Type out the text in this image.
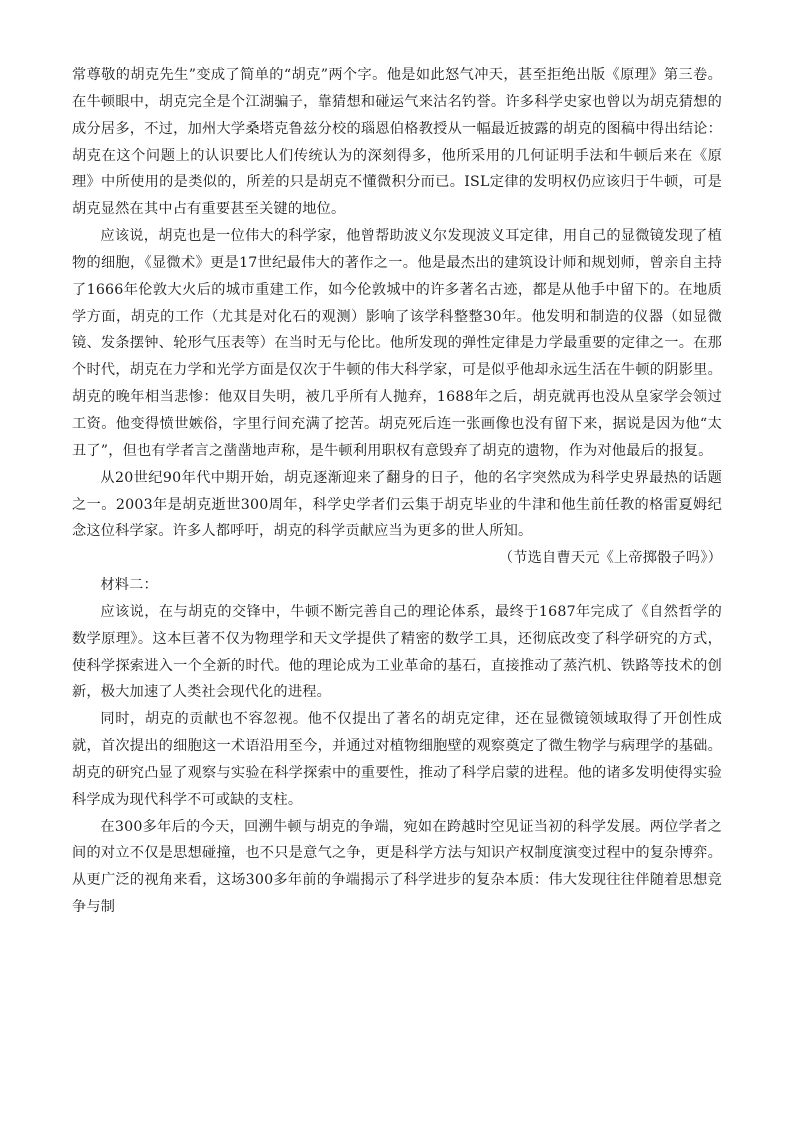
常尊敬的胡克先生”变成了简单的“胡克”两个字。他是如此怒气冲天，甚至拒绝出版《原理》第三卷。在牛顿眼中，胡克完全是个江湖骗子，靠猜想和碰运气来沽名钓誉。许多科学史家也曾以为胡克猜想的成分居多，不过，加州大学桑塔克鲁兹分校的瑙恩伯格教授从一幅最近披露的胡克的图稿中得出结论：胡克在这个问题上的认识要比人们传统认为的深刻得多，他所采用的几何证明手法和牛顿后来在《原理》中所使用的是类似的，所差的只是胡克不懂微积分而已。ISL定律的发明权仍应该归于牛顿，可是胡克显然在其中占有重要甚至关键的地位。

应该说，胡克也是一位伟大的科学家，他曾帮助波义尔发现波义耳定律，用自己的显微镜发现了植物的细胞，《显微术》更是17世纪最伟大的著作之一。他是最杰出的建筑设计师和规划师，曾亲自主持了1666年伦敦大火后的城市重建工作，如今伦敦城中的许多著名古迹，都是从他手中留下的。在地质学方面，胡克的工作（尤其是对化石的观测）影响了该学科整整30年。他发明和制造的仪器（如显微镜、发条摆钟、轮形气压表等）在当时无与伦比。他所发现的弹性定律是力学最重要的定律之一。在那个时代，胡克在力学和光学方面是仅次于牛顿的伟大科学家，可是似乎他却永远生活在牛顿的阴影里。胡克的晚年相当悲惨：他双目失明，被几乎所有人抛弃，1688年之后，胡克就再也没从皇家学会领过工资。他变得愤世嫉俗，字里行间充满了挖苦。胡克死后连一张画像也没有留下来，据说是因为他“太丑了”，但也有学者言之凿凿地声称，是牛顿利用职权有意毁弃了胡克的遗物，作为对他最后的报复。

从20世纪90年代中期开始，胡克逐渐迎来了翻身的日子，他的名字突然成为科学史界最热的话题之一。2003年是胡克逝世300周年，科学史学者们云集于胡克毕业的牛津和他生前任教的格雷夏姆纪念这位科学家。许多人都呼吁，胡克的科学贡献应当为更多的世人所知。

（节选自曹天元《上帝掷骰子吗》）

材料二：

应该说，在与胡克的交锋中，牛顿不断完善自己的理论体系，最终于1687年完成了《自然哲学的数学原理》。这本巨著不仅为物理学和天文学提供了精密的数学工具，还彻底改变了科学研究的方式，使科学探索进入一个全新的时代。他的理论成为工业革命的基石，直接推动了蒸汽机、铁路等技术的创新，极大加速了人类社会现代化的进程。

同时，胡克的贡献也不容忽视。他不仅提出了著名的胡克定律，还在显微镜领域取得了开创性成就，首次提出的细胞这一术语沿用至今，并通过对植物细胞壁的观察奠定了微生物学与病理学的基础。胡克的研究凸显了观察与实验在科学探索中的重要性，推动了科学启蒙的进程。他的诸多发明使得实验科学成为现代科学不可或缺的支柱。

在300多年后的今天，回溯牛顿与胡克的争端，宛如在跨越时空见证当初的科学发展。两位学者之间的对立不仅是思想碰撞，也不只是意气之争，更是科学方法与知识产权制度演变过程中的复杂博弈。从更广泛的视角来看，这场300多年前的争端揭示了科学进步的复杂本质：伟大发现往往伴随着思想竞争与制
